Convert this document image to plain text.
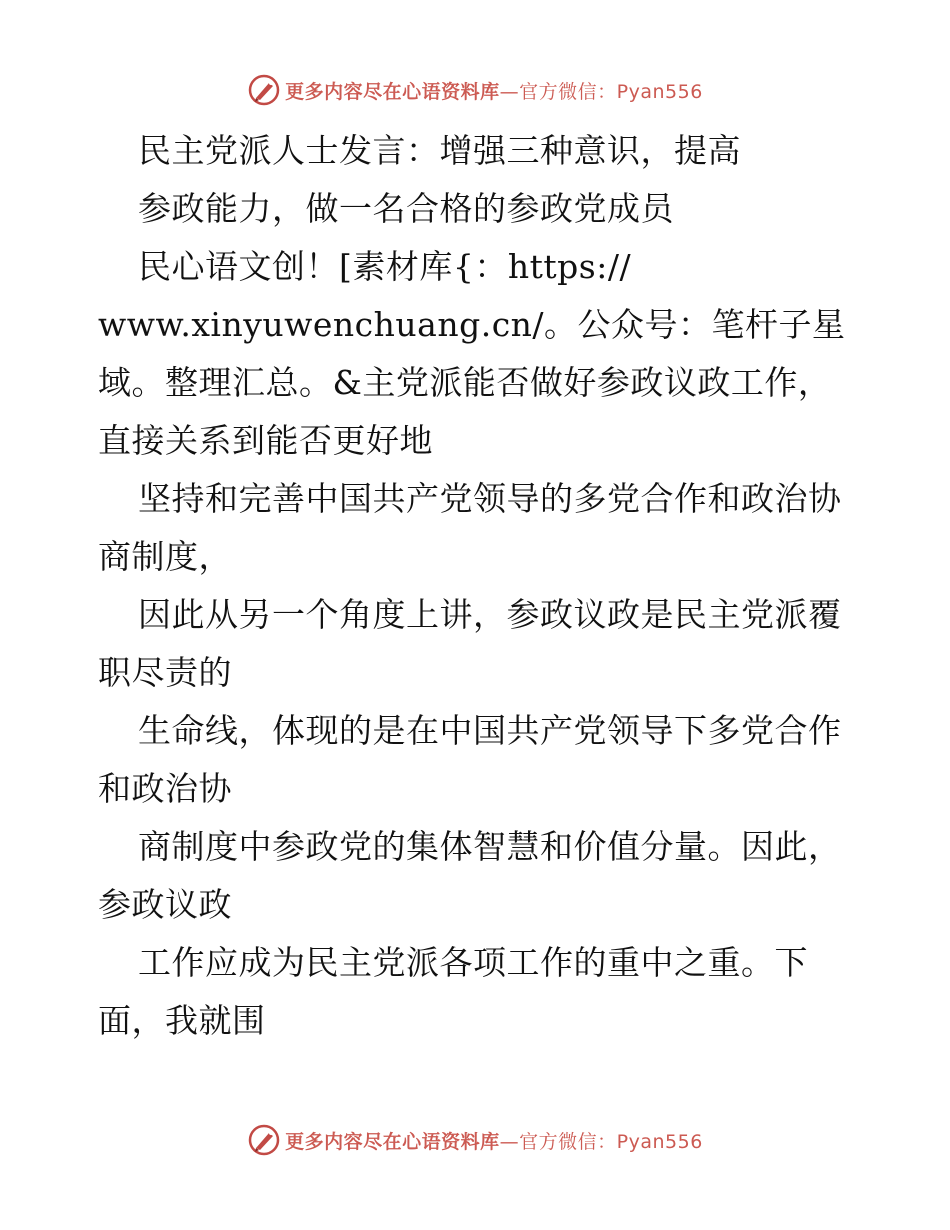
更多内容尽在心语资料库—官方微信：Pyan556

民主党派人士发言：增强三种意识，提高

参政能力，做一名合格的参政党成员

民心语文创！[素材库{：https://

www.xinyuwenchuang.cn/。公众号：笔杆子星域。整理汇总。&主党派能否做好参政议政工作，直接关系到能否更好地

坚持和完善中国共产党领导的多党合作和政治协商制度，

因此从另一个角度上讲，参政议政是民主党派覆职尽责的

生命线，体现的是在中国共产党领导下多党合作和政治协

商制度中参政党的集体智慧和价值分量。因此，参政议政

工作应成为民主党派各项工作的重中之重。下面，我就围

更多内容尽在心语资料库—官方微信：Pyan556
